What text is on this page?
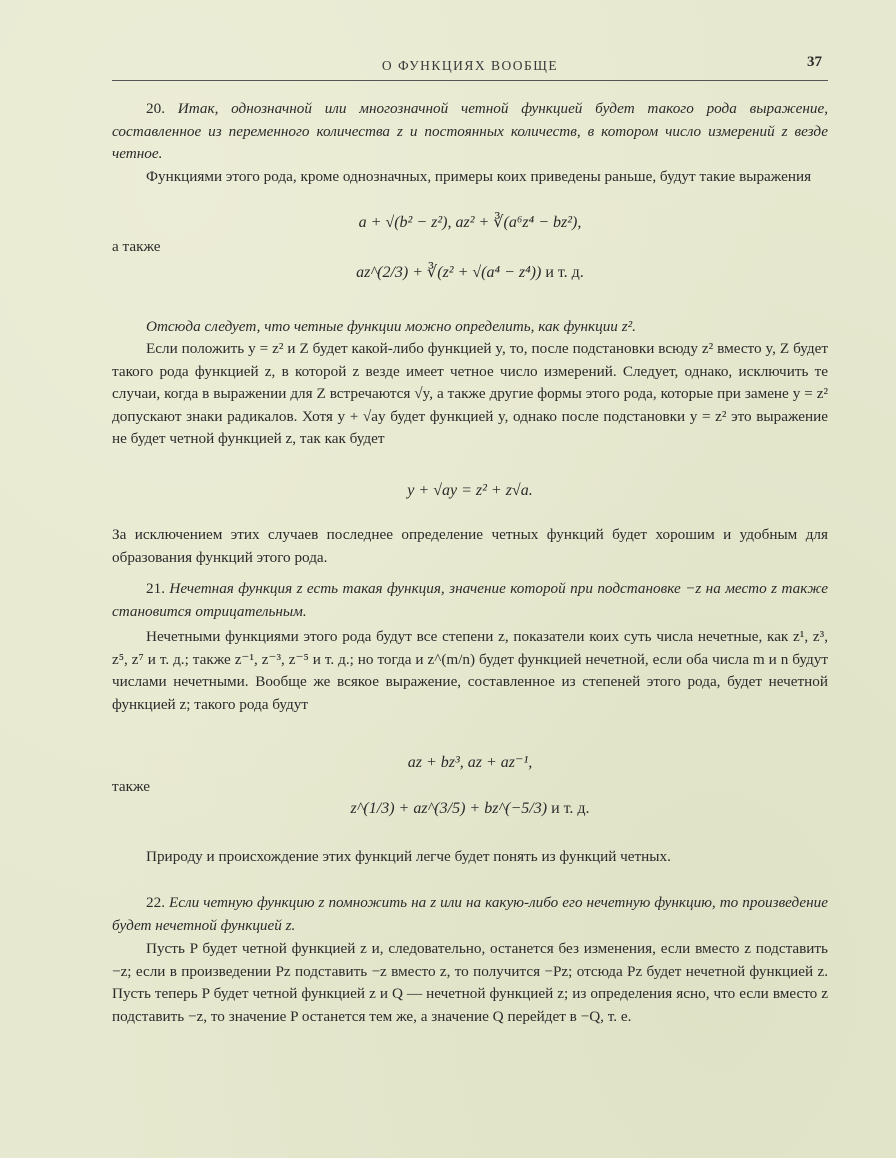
О ФУНКЦИЯХ ВООБЩЕ	37
20. Итак, однозначной или многозначной четной функцией будет такого рода выражение, составленное из переменного количества z и постоянных количеств, в котором число измерений z везде четное.
Функциями этого рода, кроме однозначных, примеры коих приведены раньше, будут такие выражения
a + √(b² − z²), az² + ∛(a⁶z⁴ − bz²),
а также
az^(2/3) + ∛(z² + √(a⁴ − z⁴)) и т. д.
Отсюда следует, что четные функции можно определить, как функции z².
Если положить y = z² и Z будет какой-либо функцией y, то, после подстановки всюду z² вместо y, Z будет такого рода функцией z, в которой z везде имеет четное число измерений. Следует, однако, исключить те случаи, когда в выражении для Z встречаются √y, а также другие формы этого рода, которые при замене y = z² допускают знаки радикалов. Хотя y + √ay будет функцией y, однако после подстановки y = z² это выражение не будет четной функцией z, так как будет
y + √ay = z² + z√a.
За исключением этих случаев последнее определение четных функций будет хорошим и удобным для образования функций этого рода.
21. Нечетная функция z есть такая функция, значение которой при подстановке −z на место z также становится отрицательным.
Нечетными функциями этого рода будут все степени z, показатели коих суть числа нечетные, как z¹, z³, z⁵, z⁷ и т. д.; также z⁻¹, z⁻³, z⁻⁵ и т. д.; но тогда и z^(m/n) будет функцией нечетной, если оба числа m и n будут числами нечетными. Вообще же всякое выражение, составленное из степеней этого рода, будет нечетной функцией z; такого рода будут
az + bz³, az + az⁻¹,
также
z^(1/3) + az^(3/5) + bz^(−5/3) и т. д.
Природу и происхождение этих функций легче будет понять из функций четных.
22. Если четную функцию z помножить на z или на какую-либо его нечетную функцию, то произведение будет нечетной функцией z.
Пусть P будет четной функцией z и, следовательно, останется без изменения, если вместо z подставить −z; если в произведении Pz подставить −z вместо z, то получится −Pz; отсюда Pz будет нечетной функцией z. Пусть теперь P будет четной функцией z и Q — нечетной функцией z; из определения ясно, что если вместо z подставить −z, то значение P останется тем же, а значение Q перейдет в −Q, т. е.
